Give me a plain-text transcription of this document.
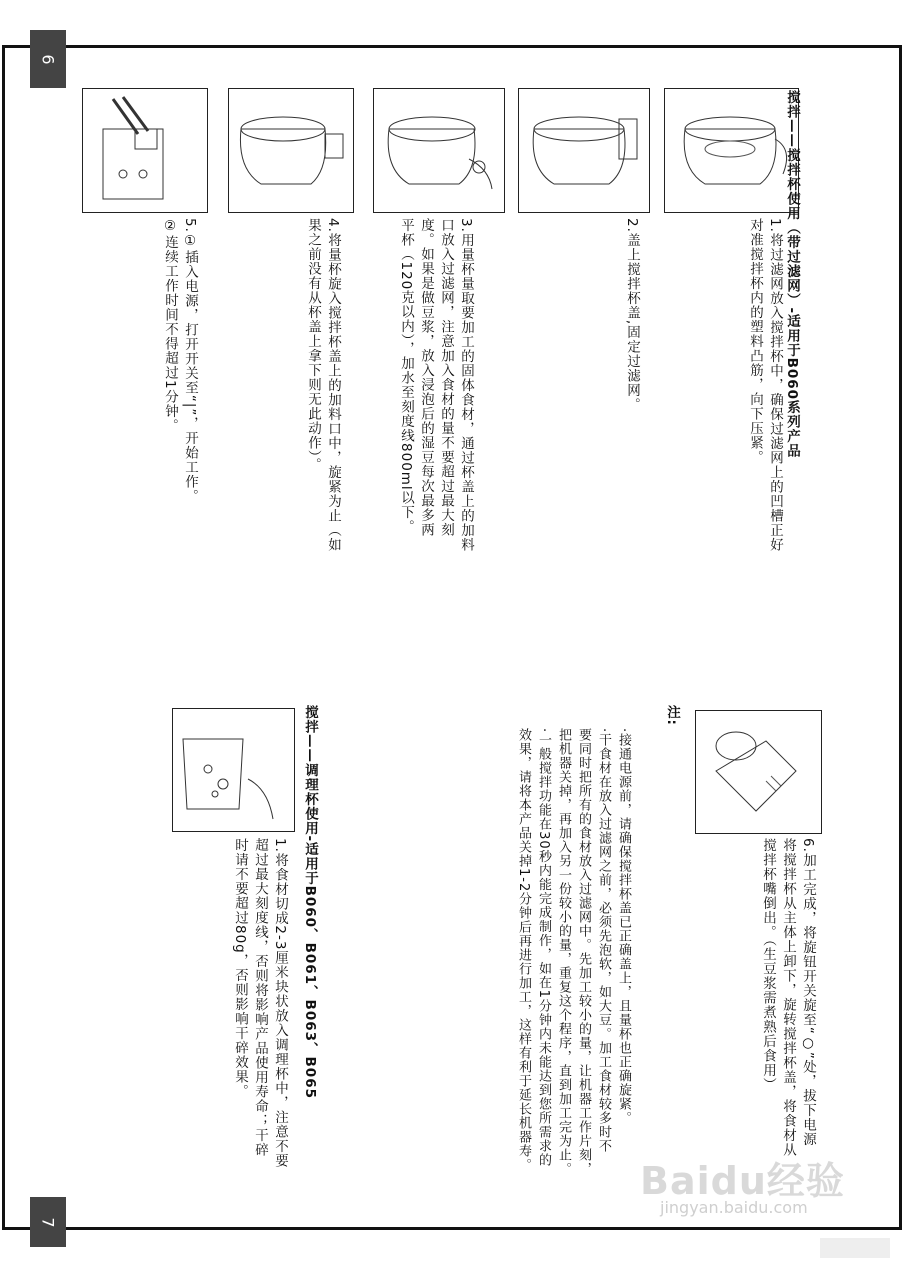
6
7
搅拌——搅拌杯使用（带过滤网）-适用于B060系列产品
1.将过滤网放入搅拌杯中，确保过滤网上的凹槽正好
对准搅拌杯内的塑料凸筋，向下压紧。
2.盖上搅拌杯盖,固定过滤网。
3.用量杯量取要加工的固体食材，通过杯盖上的加料
口放入过滤网，注意加入食材的量不要超过最大刻
度。如果是做豆浆，放入浸泡后的湿豆每次最多两
平杯（120克以内），加水至刻度线800ml以下。
4.将量杯旋入搅拌杯盖上的加料口中，旋紧为止（如
果之前没有从杯盖上拿下则无此动作）。
5.①插入电源，打开开关至“|”，开始工作。
②连续工作时间不得超过1分钟。
6.加工完成，将旋钮开关旋至“○”处，拔下电源
将搅拌杯从主体上卸下，旋转搅拌杯盖，将食材从
搅拌杯嘴倒出。（生豆浆需煮熟后食用）
注:
·接通电源前，请确保搅拌杯盖已正确盖上，且量杯也正确旋紧。
·干食材在放入过滤网之前，必须先泡软，如大豆。加工食材较多时不
要同时把所有的食材放入过滤网中。先加工较小的量，让机器工作片刻，
把机器关掉，再加入另一份较小的量，重复这个程序，直到加工完为止。
·一般搅拌功能在30秒内能完成制作，如在1分钟内未能达到您所需求的
效果，请将本产品关掉1-2分钟后再进行加工，这样有利于延长机器寿。
搅拌——调理杯使用-适用于B060、B061、B063、B065
1.将食材切成2-3厘米块状放入调理杯中，注意不要
超过最大刻度线，否则将影响产品使用寿命；干碎
时请不要超过80g，否则影响干碎效果。
Baidu经验
jingyan.baidu.com
